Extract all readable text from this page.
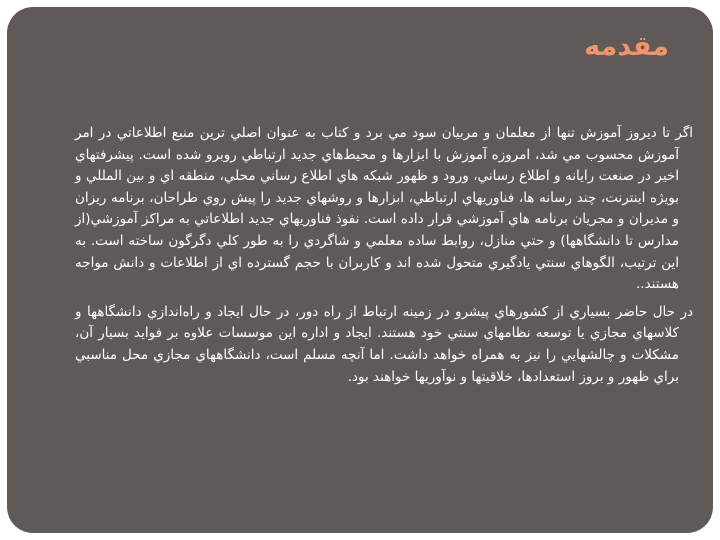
مقدمه

اگر تا ديروز آموزش تنها از معلمان و مربيان سود مي برد و كتاب به عنوان اصلي ترين منبع اطلاعاتي در امر آموزش محسوب مي شد، امروزه آموزش با ابزارها و محيط‌هاي جديد ارتباطي روبرو شده است. پيشرفتهاي اخير در صنعت رايانه و اطلاع رساني، ورود و ظهور شبكه هاي اطلاع رساني محلي، منطقه اي و بين المللي و بويژه اينترنت، چند رسانه ها، فناوريهاي ارتباطي، ابزارها و روشهاي جديد را پيش روي طراحان، برنامه ريزان و مديران و مجريان برنامه هاي آموزشي قرار داده است. نفوذ فناوريهاي جديد اطلاعاتي به مراكز آموزشي(از مدارس تا دانشگاهها) و حتي منازل، روابط ساده معلمي و شاگردي را به طور كلي دگرگون ساخته است. به اين ترتيب، الگوهاي سنتي يادگيري متحول شده اند و كاربران با حجم گسترده اي از اطلاعات و دانش مواجه هستند..

در حال حاضر بسياري از كشورهاي پيشرو در زمينه ارتباط از راه دور، در حال ايجاد و راه‌اندازي دانشگاهها و كلاسهاي مجازي يا توسعه نظامهاي سنتي خود هستند. ايجاد و اداره اين موسسات علاوه بر فوايد بسيار آن، مشكلات و چالشهايي را نيز به همراه خواهد داشت. اما آنچه مسلم است، دانشگاههاي مجازي محل مناسبي براي ظهور و بروز استعدادها، خلاقيتها و نوآوريها خواهند بود.
